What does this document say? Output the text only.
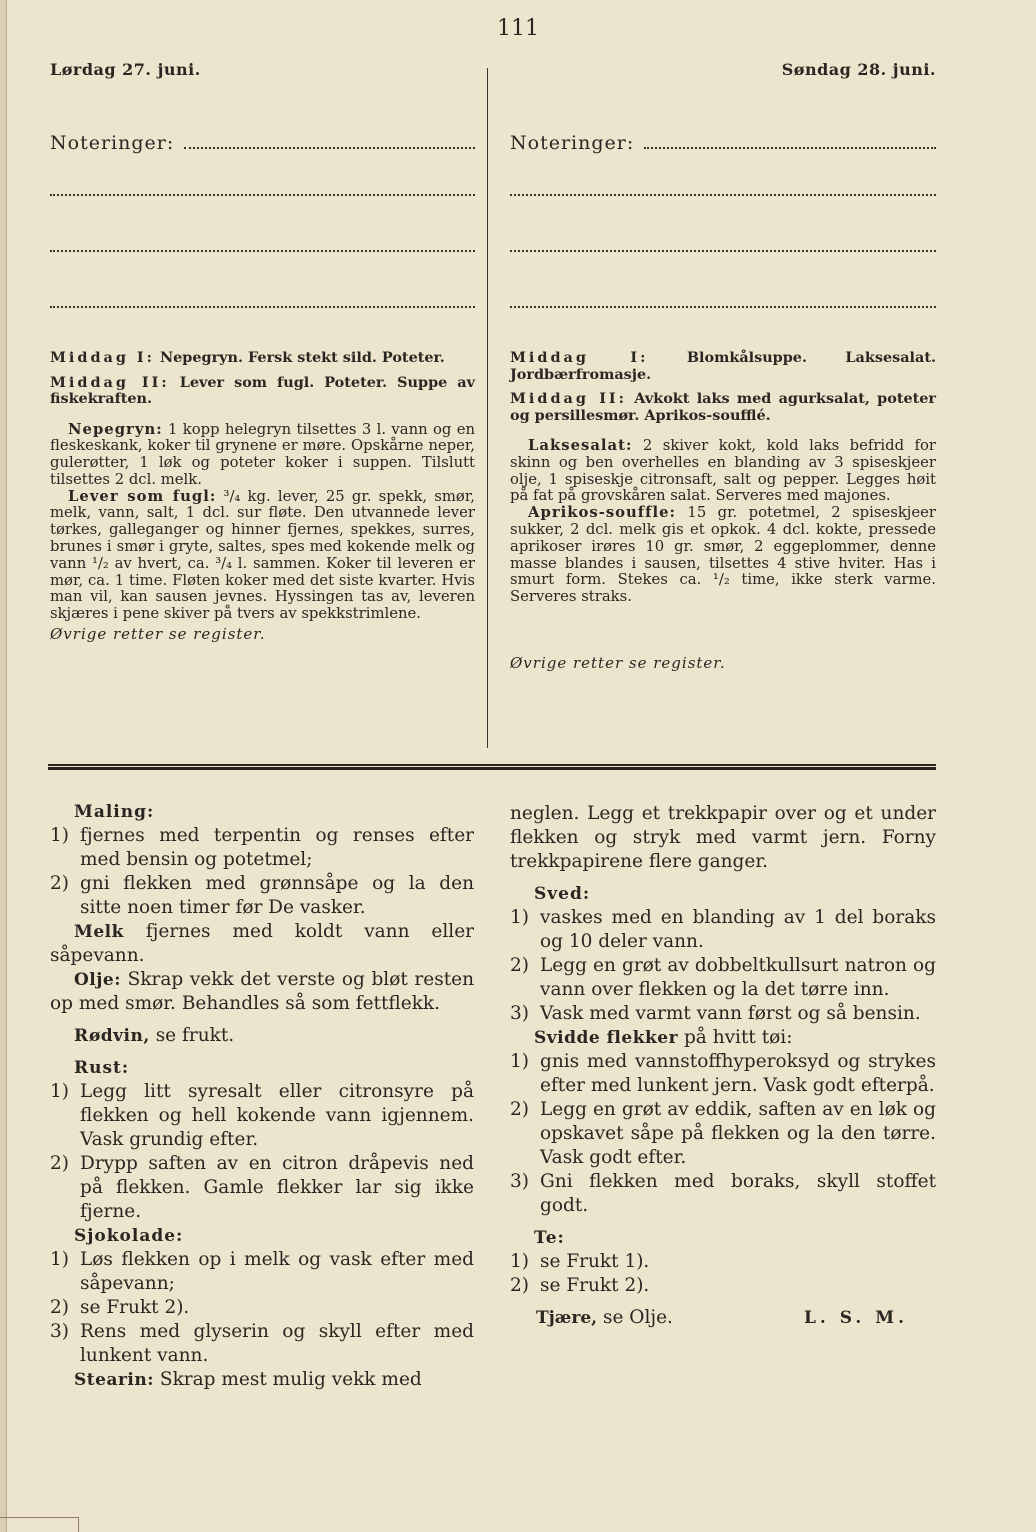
111
Lørdag 27. juni.
Noteringer:
Middag I: Nepegryn. Fersk stekt sild. Poteter.
Middag II: Lever som fugl. Poteter. Suppe av fiskekraften.

Nepegryn: 1 kopp helegryn tilsettes 3 l. vann og en fleskeskank, koker til grynene er møre. Opskårne neper, gulerøtter, 1 løk og poteter koker i suppen. Tilslutt tilsettes 2 dcl. melk.

Lever som fugl: ³/₄ kg. lever, 25 gr. spekk, smør, melk, vann, salt, 1 dcl. sur fløte. Den utvannede lever tørkes, galleganger og hinner fjernes, spekkes, surres, brunes i smør i gryte, saltes, spes med kokende melk og vann ¹/₂ av hvert, ca. ³/₄ l. sammen. Koker til leveren er mør, ca. 1 time. Fløten koker med det siste kvarter. Hvis man vil, kan sausen jevnes. Hyssingen tas av, leveren skjæres i pene skiver på tvers av spekkstrimlene.

Øvrige retter se register.
Søndag 28. juni.
Noteringer:
Middag I:	Blomkålsuppe. Laksesalat. Jordbærfromasje.
Middag II: Avkokt laks med agurksalat, poteter og persillesmør. Aprikos-soufflé.

Laksesalat: 2 skiver kokt, kold laks befridd for skinn og ben overhelles en blanding av 3 spiseskjeer olje, 1 spiseskje citronsaft, salt og pepper. Legges høit på fat på grovskåren salat. Serveres med majones.

Aprikos-souffle: 15 gr. potetmel, 2 spiseskjeer sukker, 2 dcl. melk gis et opkok. 4 dcl. kokte, pressede aprikoser irøres 10 gr. smør, 2 eggeplommer, denne masse blandes i sausen, tilsettes 4 stive hviter. Has i smurt form. Stekes ca. ¹/₂ time, ikke sterk varme. Serveres straks.

Øvrige retter se register.
Maling:
1) fjernes med terpentin og renses efter med bensin og potetmel;
2) gni flekken med grønnsåpe og la den sitte noen timer før De vasker.

Melk fjernes med koldt vann eller såpevann.

Olje: Skrap vekk det verste og bløt resten op med smør. Behandles så som fettflekk.

Rødvin, se frukt.

Rust:
1) Legg litt syresalt eller citronsyre på flekken og hell kokende vann igjennem. Vask grundig efter.
2) Drypp saften av en citron dråpevis ned på flekken. Gamle flekker lar sig ikke fjerne.
Sjokolade:
1) Løs flekken op i melk og vask efter med såpevann;
2) se Frukt 2).
3) Rens med glyserin og skyll efter med lunkent vann.

Stearin: Skrap mest mulig vekk med

neglen. Legg et trekkpapir over og et under flekken og stryk med varmt jern. Forny trekkpapirene flere ganger.

Sved:
1) vaskes med en blanding av 1 del boraks og 10 deler vann.
2) Legg en grøt av dobbeltkullsurt natron og vann over flekken og la det tørre inn.
3) Vask med varmt vann først og så bensin.

Svidde flekker på hvitt tøi:

1) gnis med vannstoffhyperoksyd og strykes efter med lunkent jern. Vask godt efterpå.
2) Legg en grøt av eddik, saften av en løk og opskavet såpe på flekken og la den tørre. Vask godt efter.
3) Gni flekken med boraks, skyll stoffet godt.
Te:
1) se Frukt 1).
2) se Frukt 2).
Tjære, se Olje.	L. S. M.
